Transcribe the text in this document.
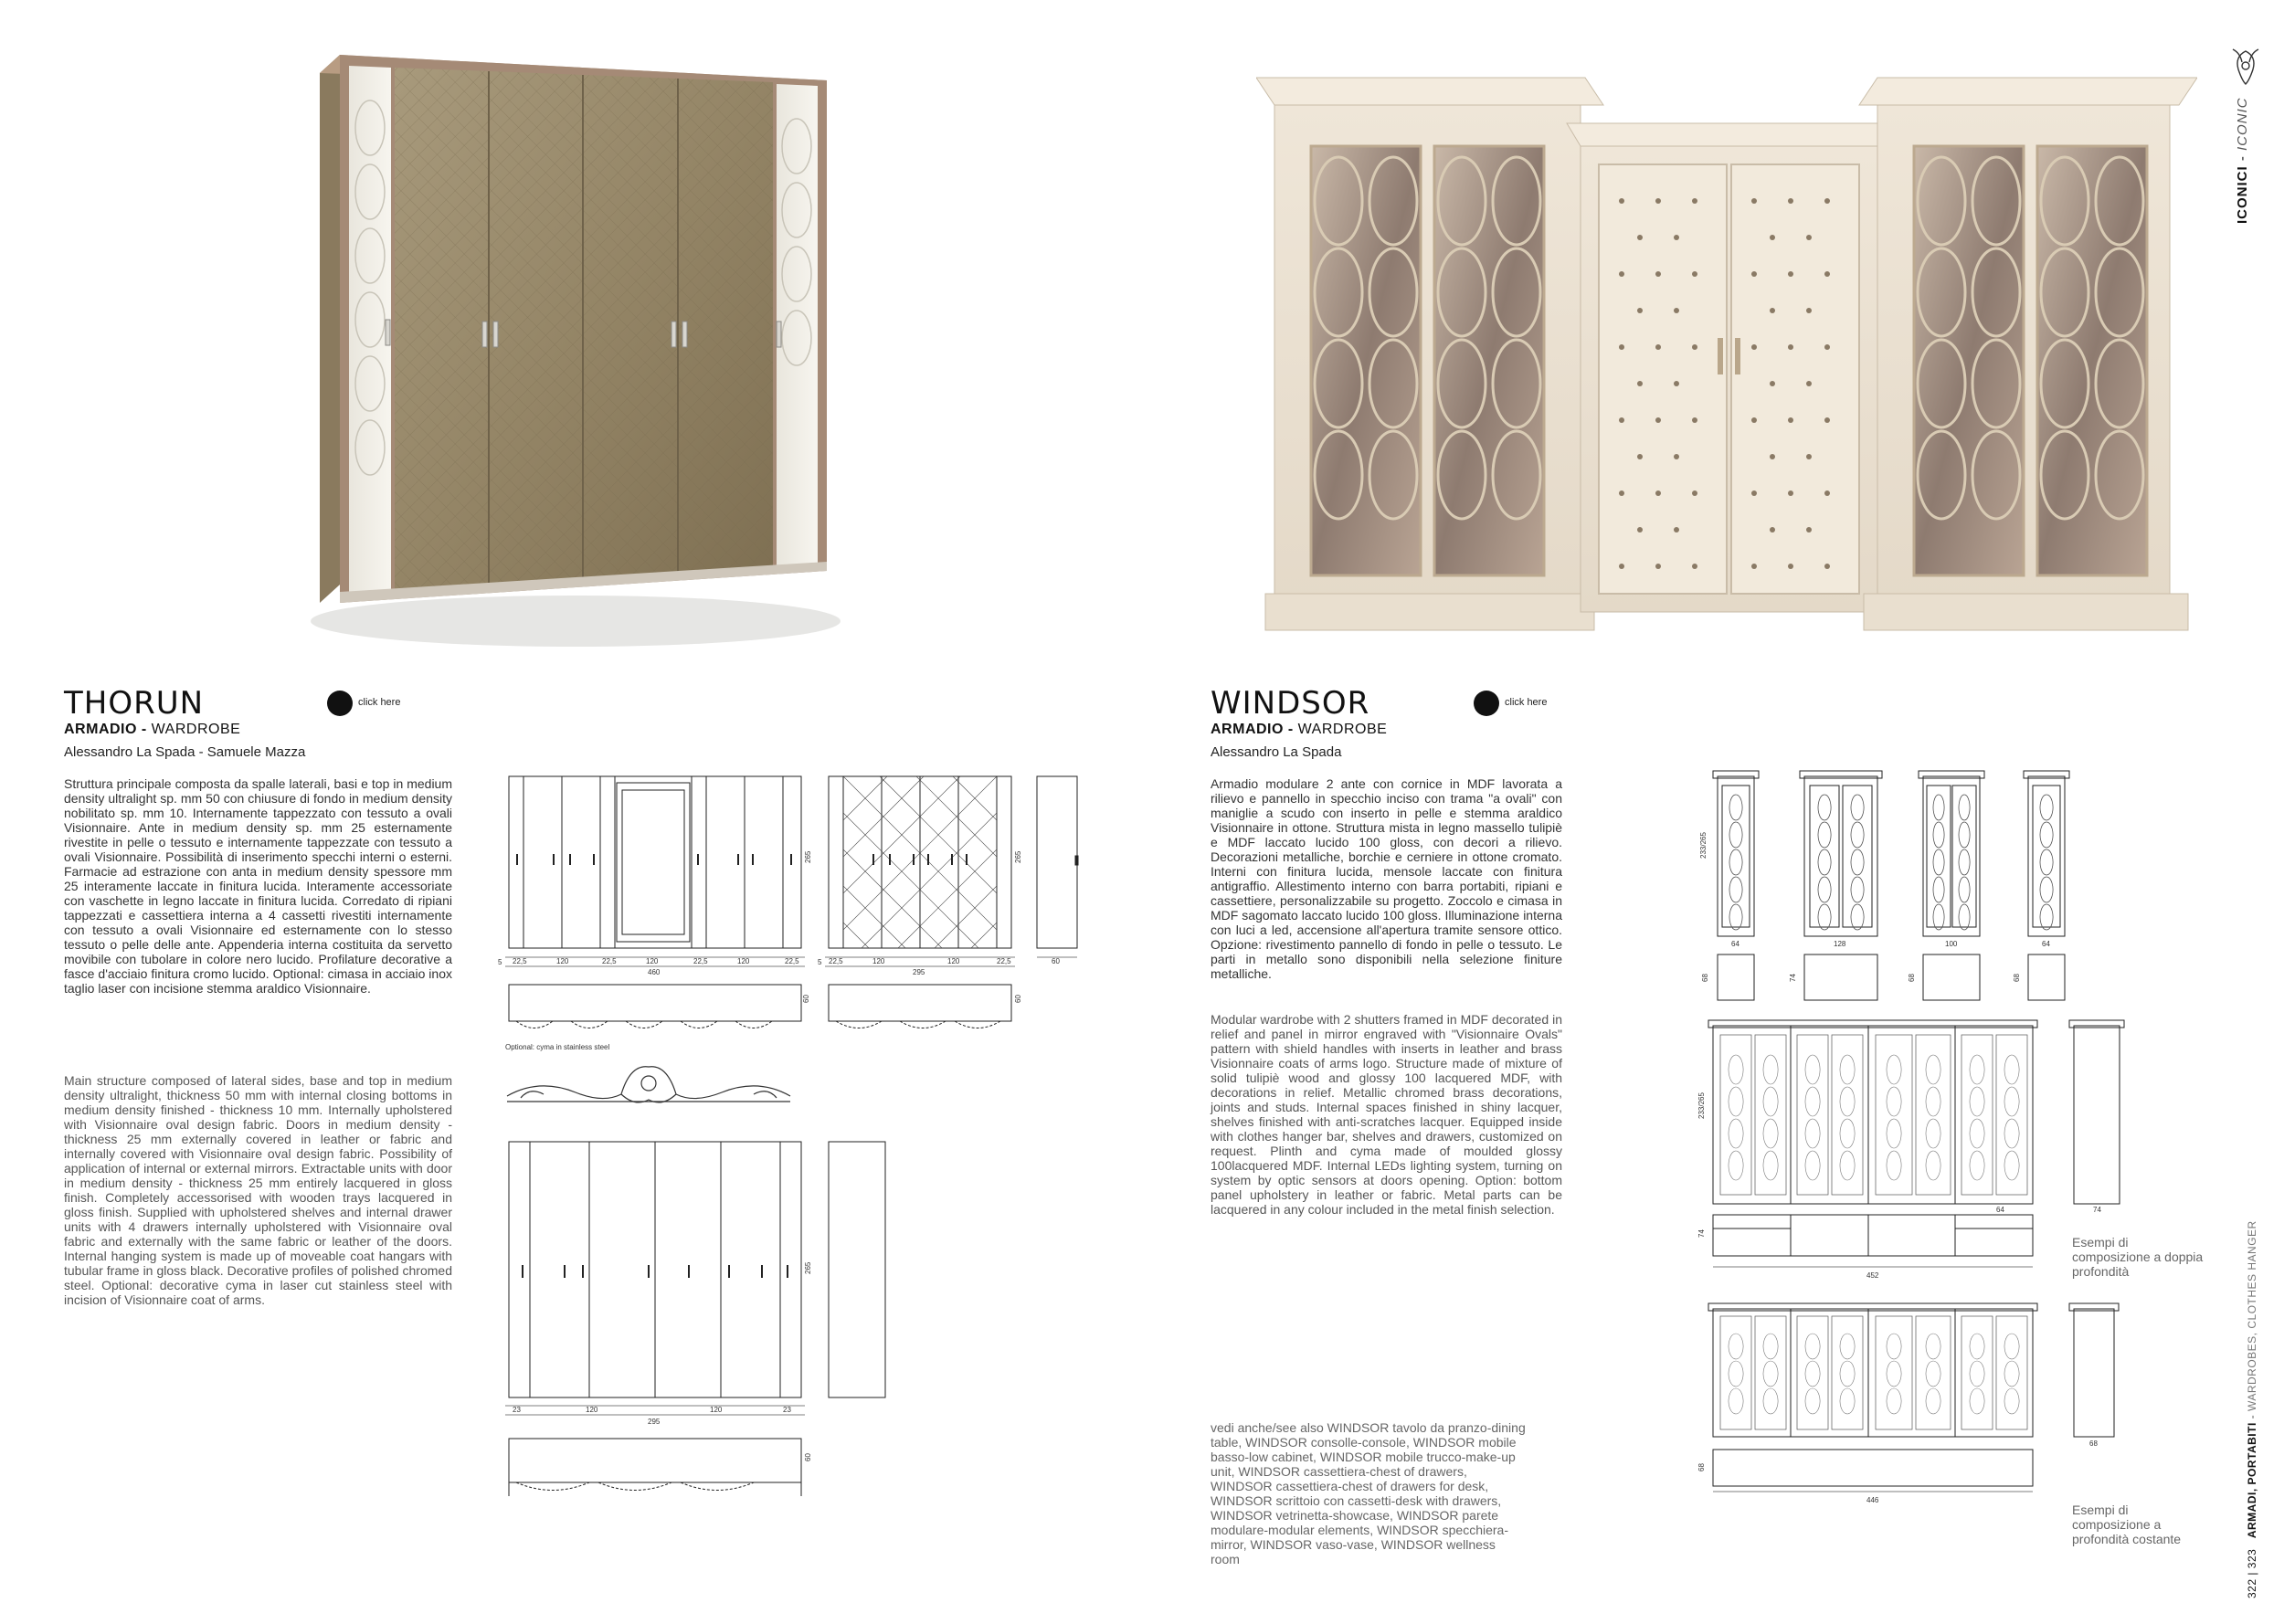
THORUN	click here
ARMADIO - WARDROBE
Alessandro La Spada - Samuele Mazza
Struttura principale composta da spalle laterali, basi e top in medium density ultralight sp. mm 50 con chiusure di fondo in medium density nobilitato sp. mm 10. Internamente tappezzato con tessuto a ovali Visionnaire. Ante in medium density sp. mm 25 esternamente rivestite in pelle o tessuto e internamente tappezzate con tessuto a ovali Visionnaire. Possibilità di inserimento specchi interni o esterni. Farmacie ad estrazione con anta in medium density spessore mm 25 interamente laccate in finitura lucida. Interamente accessoriate con vaschette in legno laccate in finitura lucida. Corredato di ripiani tappezzati e cassettiera interna a 4 cassetti rivestiti internamente con tessuto a ovali Visionnaire ed esternamente con lo stesso tessuto o pelle delle ante. Appenderia interna costituita da servetto movibile con tubolare in colore nero lucido. Profilature decorative a fasce d'acciaio finitura cromo lucido. Optional: cimasa in acciaio inox taglio laser con incisione stemma araldico Visionnaire.
Main structure composed of lateral sides, base and top in medium density ultralight, thickness 50 mm with internal closing bottoms in medium density finished - thickness 10 mm. Internally upholstered with Visionnaire oval design fabric. Doors in medium density - thickness 25 mm externally covered in leather or fabric and internally covered with Visionnaire oval design fabric. Possibility of application of internal or external mirrors. Extractable units with door in medium density - thickness 25 mm entirely lacquered in gloss finish. Completely accessorised with wooden trays lacquered in gloss finish. Supplied with upholstered shelves and internal drawer units with 4 drawers internally upholstered with Visionnaire oval fabric and externally with the same fabric or leather of the doors. Internal hanging system is made up of moveable coat hangars with tubular frame in gloss black. Decorative profiles of polished chromed steel. Optional: decorative cyma in laser cut stainless steel with incision of Visionnaire coat of arms.
5 22,5	120	22,5	120	22,5	120	22,5
460
265
60
Optional: cyma in stainless steel
5 22,5	120	120	22,5
295
265
60
60
23	120	120	23
295
265
60
WINDSOR	click here
ARMADIO - WARDROBE
Alessandro La Spada
Armadio modulare 2 ante con cornice in MDF lavorata a rilievo e pannello in specchio inciso con trama "a ovali" con maniglie a scudo con inserto in pelle e stemma araldico Visionnaire in ottone. Struttura mista in legno massello tulipiè e MDF laccato lucido 100 gloss, con decori a rilievo. Decorazioni metalliche, borchie e cerniere in ottone cromato. Interni con finitura lucida, mensole laccate con finitura antigraffio. Allestimento interno con barra portabiti, ripiani e cassettiere, personalizzabile su progetto. Zoccolo e cimasa in MDF sagomato laccato lucido 100 gloss. Illuminazione interna con luci a led, accensione all'apertura tramite sensore ottico. Opzione: rivestimento pannello di fondo in pelle o tessuto. Le parti in metallo sono disponibili nella selezione finiture metalliche.
Modular wardrobe with 2 shutters framed in MDF decorated in relief and panel in mirror engraved with "Visionnaire Ovals" pattern with shield handles with inserts in leather and brass Visionnaire coats of arms logo. Structure made of mixture of solid tulipiè wood and glossy 100 lacquered MDF, with decorations in relief. Metallic chromed brass decorations, joints and studs. Internal spaces finished in shiny lacquer, shelves finished with anti-scratches lacquer. Equipped inside with clothes hanger bar, shelves and drawers, customized on request. Plinth and cyma made of moulded glossy 100lacquered MDF. Internal LEDs lighting system, turning on system by optic sensors at doors opening. Option: bottom panel upholstery in leather or fabric. Metal parts can be lacquered in any colour included in the metal finish selection.
vedi anche/see also WINDSOR tavolo da pranzo-dining table, WINDSOR consolle-console, WINDSOR mobile basso-low cabinet, WINDSOR mobile trucco-make-up unit, WINDSOR cassettiera-chest of drawers, WINDSOR cassettiera-chest of drawers for desk, WINDSOR scrittoio con cassetti-desk with drawers, WINDSOR vetrinetta-showcase, WINDSOR parete modulare-modular elements, WINDSOR specchiera-mirror, WINDSOR vaso-vase, WINDSOR wellness room
233/265
64	128	100	64
68	74	68	68
233/265
64	74
74
452
Esempi di composizione a doppia profondità
68
68
446
Esempi di composizione a profondità costante
ICONICI - ICONIC
322 | 323   ARMADI, PORTABITI - WARDROBES, CLOTHES HANGER
